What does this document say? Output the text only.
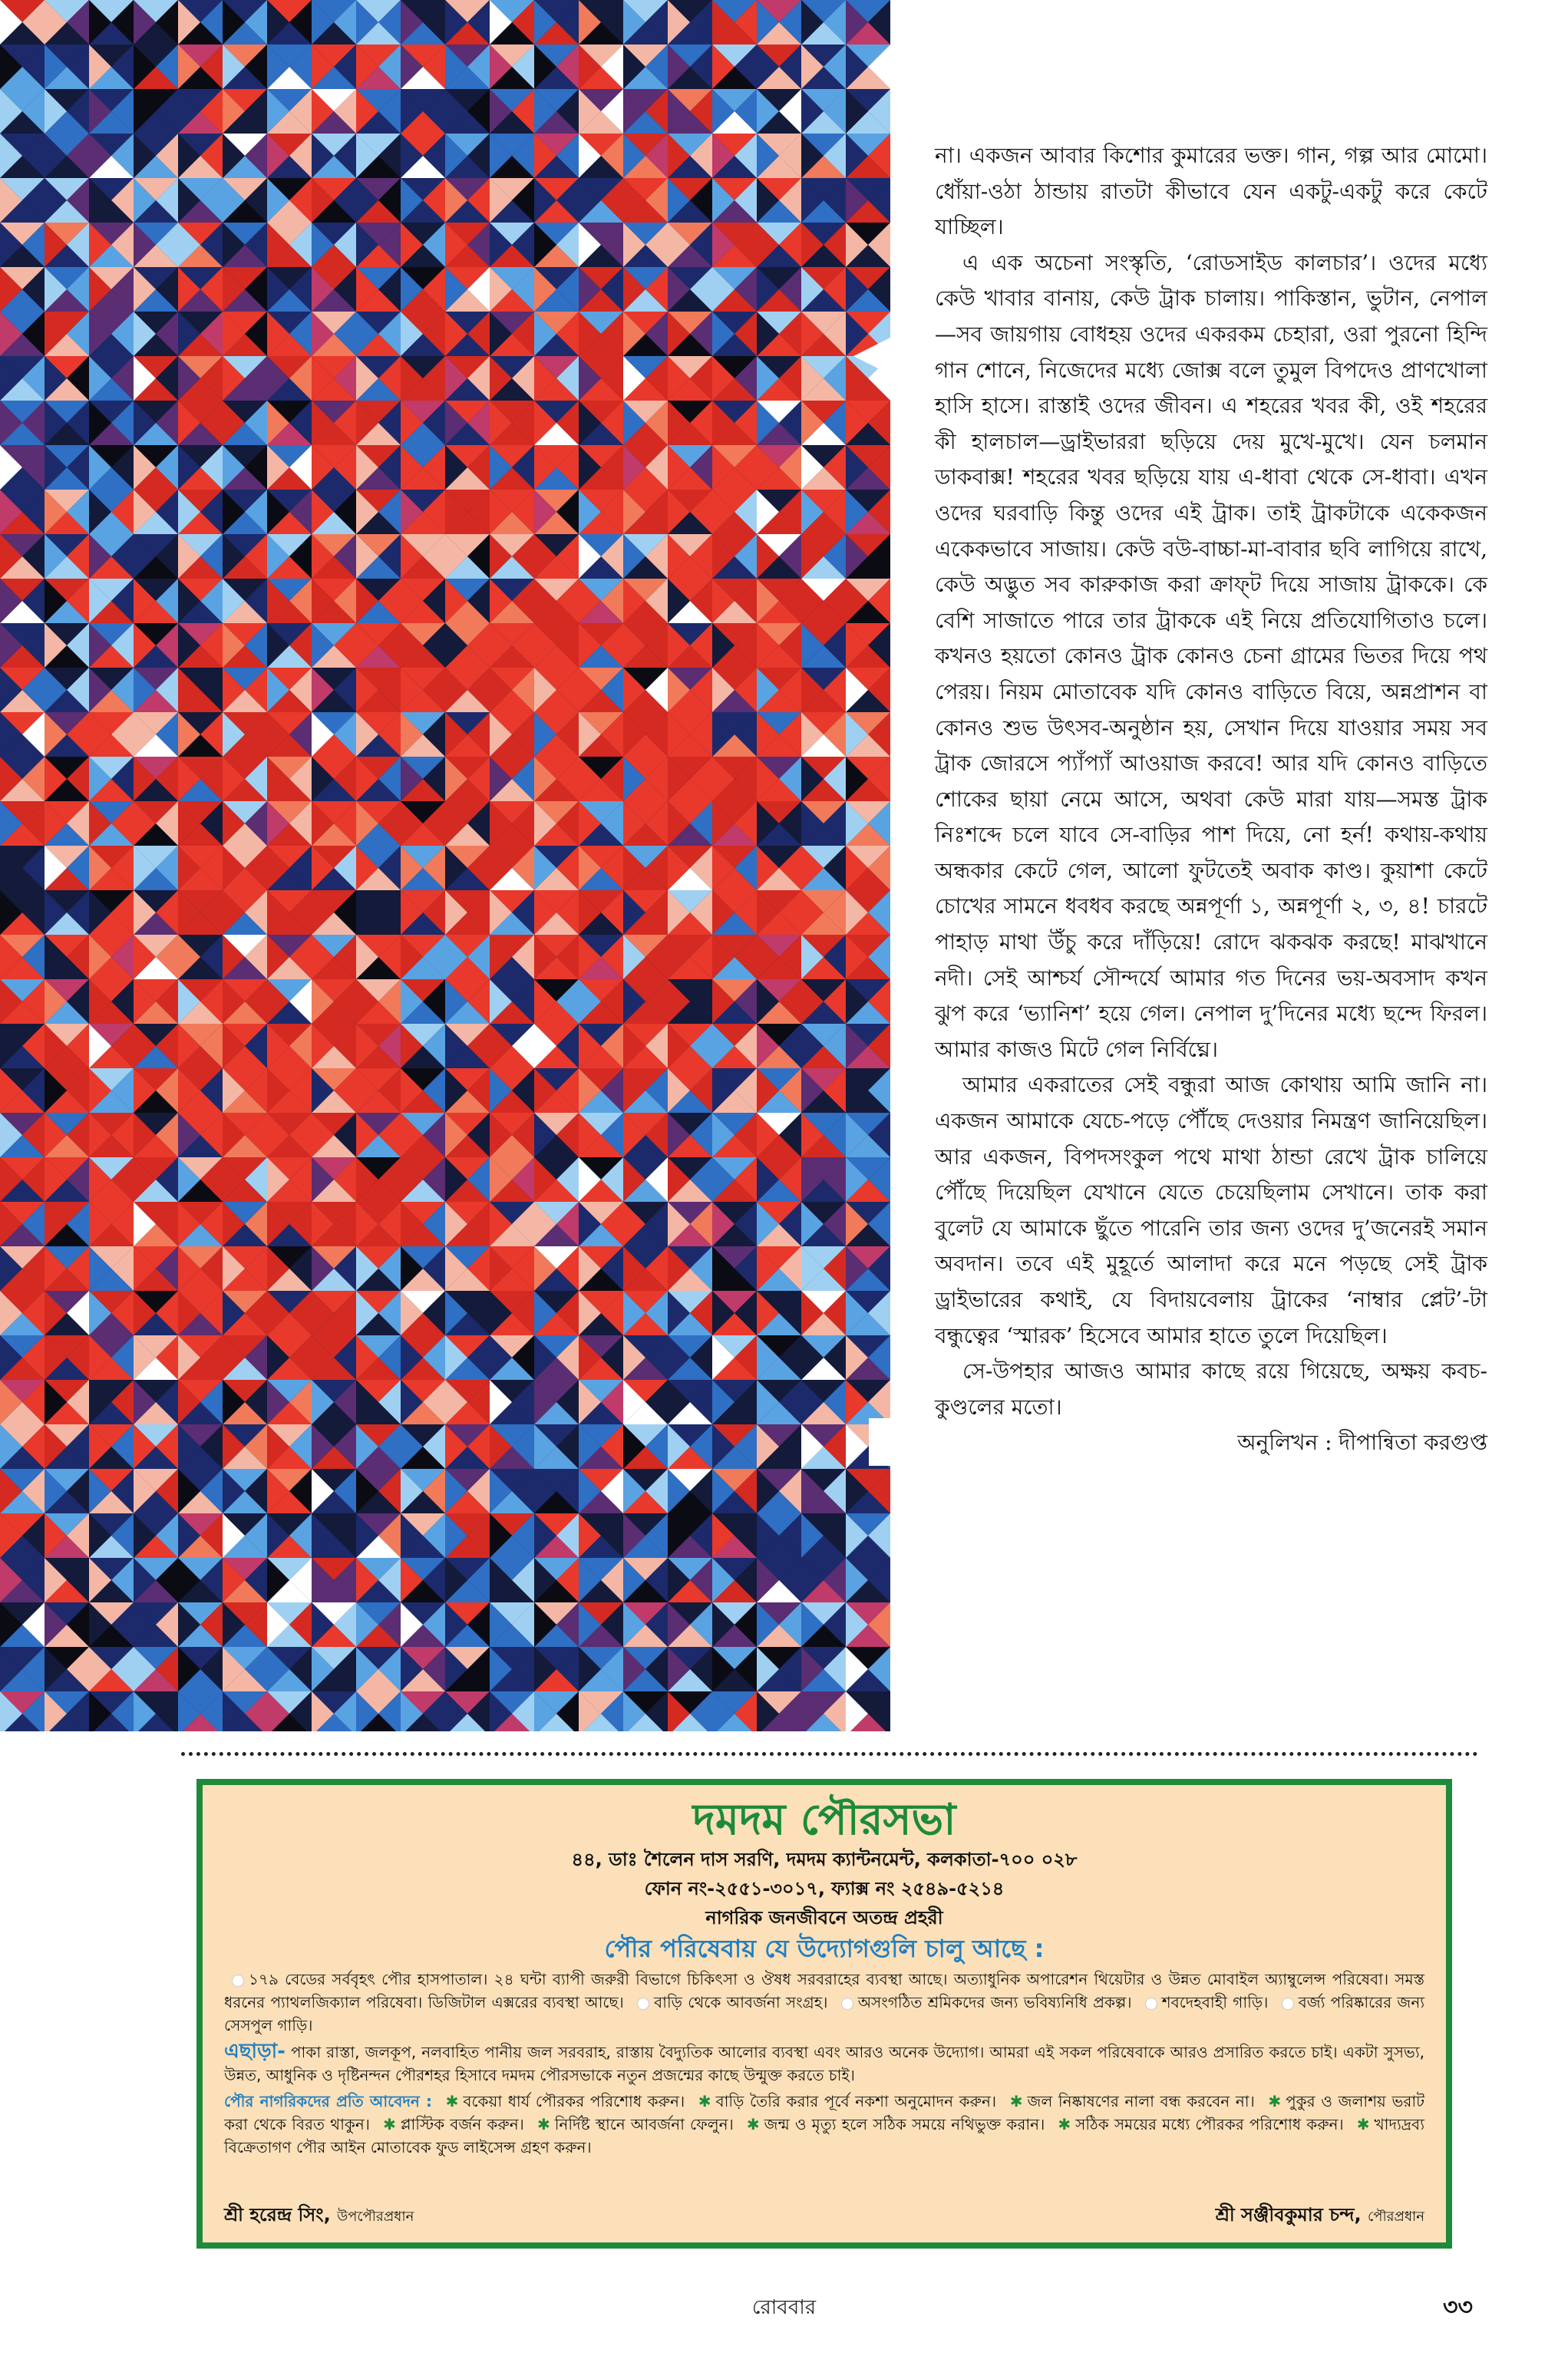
না। একজন আবার কিশোর কুমারের ভক্ত। গান, গল্প আর মোমো। ধোঁয়া-ওঠা ঠান্ডায় রাতটা কীভাবে যেন একটু-একটু করে কেটে যাচ্ছিল।

এ এক অচেনা সংস্কৃতি, ‘রোডসাইড কালচার’। ওদের মধ্যে কেউ খাবার বানায়, কেউ ট্রাক চালায়। পাকিস্তান, ভুটান, নেপাল—সব জায়গায় বোধহয় ওদের একরকম চেহারা, ওরা পুরনো হিন্দি গান শোনে, নিজেদের মধ্যে জোক্স বলে তুমুল বিপদেও প্রাণখোলা হাসি হাসে। রাস্তাই ওদের জীবন। এ শহরের খবর কী, ওই শহরের কী হালচাল—ড্রাইভাররা ছড়িয়ে দেয় মুখে-মুখে। যেন চলমান ডাকবাক্স! শহরের খবর ছড়িয়ে যায় এ-ধাবা থেকে সে-ধাবা। এখন ওদের ঘরবাড়ি কিন্তু ওদের এই ট্রাক। তাই ট্রাকটাকে একেকজন একেকভাবে সাজায়। কেউ বউ-বাচ্চা-মা-বাবার ছবি লাগিয়ে রাখে, কেউ অদ্ভুত সব কারুকাজ করা ক্রাফ্‌ট দিয়ে সাজায় ট্রাককে। কে বেশি সাজাতে পারে তার ট্রাককে এই নিয়ে প্রতিযোগিতাও চলে। কখনও হয়তো কোনও ট্রাক কোনও চেনা গ্রামের ভিতর দিয়ে পথ পেরয়। নিয়ম মোতাবেক যদি কোনও বাড়িতে বিয়ে, অন্নপ্রাশন বা কোনও শুভ উৎসব-অনুষ্ঠান হয়, সেখান দিয়ে যাওয়ার সময় সব ট্রাক জোরসে প্যাঁপ্যাঁ আওয়াজ করবে! আর যদি কোনও বাড়িতে শোকের ছায়া নেমে আসে, অথবা কেউ মারা যায়—সমস্ত ট্রাক নিঃশব্দে চলে যাবে সে-বাড়ির পাশ দিয়ে, নো হর্ন! কথায়-কথায় অন্ধকার কেটে গেল, আলো ফুটতেই অবাক কাণ্ড। কুয়াশা কেটে চোখের সামনে ধবধব করছে অন্নপূর্ণা ১, অন্নপূর্ণা ২, ৩, ৪! চারটে পাহাড় মাথা উঁচু করে দাঁড়িয়ে! রোদে ঝকঝক করছে! মাঝখানে নদী। সেই আশ্চর্য সৌন্দর্যে আমার গত দিনের ভয়-অবসাদ কখন ঝুপ করে ‘ভ্যানিশ’ হয়ে গেল। নেপাল দু’দিনের মধ্যে ছন্দে ফিরল। আমার কাজও মিটে গেল নির্বিঘ্নে।

আমার একরাতের সেই বন্ধুরা আজ কোথায় আমি জানি না। একজন আমাকে যেচে-পড়ে পৌঁছে দেওয়ার নিমন্ত্রণ জানিয়েছিল। আর একজন, বিপদসংকুল পথে মাথা ঠান্ডা রেখে ট্রাক চালিয়ে পৌঁছে দিয়েছিল যেখানে যেতে চেয়েছিলাম সেখানে। তাক করা বুলেট যে আমাকে ছুঁতে পারেনি তার জন্য ওদের দু’জনেরই সমান অবদান। তবে এই মুহূর্তে আলাদা করে মনে পড়ছে সেই ট্রাক ড্রাইভারের কথাই, যে বিদায়বেলায় ট্রাকের ‘নাম্বার প্লেট’-টা বন্ধুত্বের ‘স্মারক’ হিসেবে আমার হাতে তুলে দিয়েছিল।

সে-উপহার আজও আমার কাছে রয়ে গিয়েছে, অক্ষয় কবচ-কুণ্ডলের মতো।

অনুলিখন : দীপান্বিতা করগুপ্ত
দমদম পৌরসভা
৪৪, ডাঃ শৈলেন দাস সরণি, দমদম ক্যান্টনমেন্ট, কলকাতা-৭০০ ০২৮
ফোন নং-২৫৫১-৩০১৭, ফ্যাক্স নং ২৫৪৯-৫২১৪
নাগরিক জনজীবনে অতন্দ্র প্রহরী
পৌর পরিষেবায় যে উদ্যোগগুলি চালু আছে :
১৭৯ বেডের সর্ববৃহৎ পৌর হাসপাতাল। ২৪ ঘন্টা ব্যাপী জরুরী বিভাগে চিকিৎসা ও ঔষধ সরবরাহের ব্যবস্থা আছে। অত্যাধুনিক অপারেশন থিয়েটার ও উন্নত মোবাইল অ্যাম্বুলেন্স পরিষেবা। সমস্ত ধরনের প্যাথলজিক্যাল পরিষেবা। ডিজিটাল এক্সরের ব্যবস্থা আছে। বাড়ি থেকে আবর্জনা সংগ্রহ। অসংগঠিত শ্রমিকদের জন্য ভবিষ্যনিধি প্রকল্প। শবদেহবাহী গাড়ি। বর্জ্য পরিষ্কারের জন্য সেসপুল গাড়ি।
এছাড়া- পাকা রাস্তা, জলকূপ, নলবাহিত পানীয় জল সরবরাহ, রাস্তায় বৈদ্যুতিক আলোর ব্যবস্থা এবং আরও অনেক উদ্যোগ। আমরা এই সকল পরিষেবাকে আরও প্রসারিত করতে চাই। একটা সুসভ্য, উন্নত, আধুনিক ও দৃষ্টিনন্দন পৌরশহর হিসাবে দমদম পৌরসভাকে নতুন প্রজন্মের কাছে উন্মুক্ত করতে চাই।
পৌর নাগরিকদের প্রতি আবেদন : ✱ বকেয়া ধার্য পৌরকর পরিশোধ করুন। ✱ বাড়ি তৈরি করার পূর্বে নকশা অনুমোদন করুন। ✱ জল নিষ্কাষণের নালা বন্ধ করবেন না। ✱ পুকুর ও জলাশয় ভরাট করা থেকে বিরত থাকুন। ✱ প্লাস্টিক বর্জন করুন। ✱ নির্দিষ্ট স্থানে আবর্জনা ফেলুন। ✱ জন্ম ও মৃত্যু হলে সঠিক সময়ে নথিভুক্ত করান। ✱ সঠিক সময়ের মধ্যে পৌরকর পরিশোধ করুন। ✱ খাদ্যদ্রব্য বিক্রেতাগণ পৌর আইন মোতাবেক ফুড লাইসেন্স গ্রহণ করুন।
শ্রী হরেন্দ্র সিং, উপপৌরপ্রধান	শ্রী সঞ্জীবকুমার চন্দ, পৌরপ্রধান
রোববার	৩৩
